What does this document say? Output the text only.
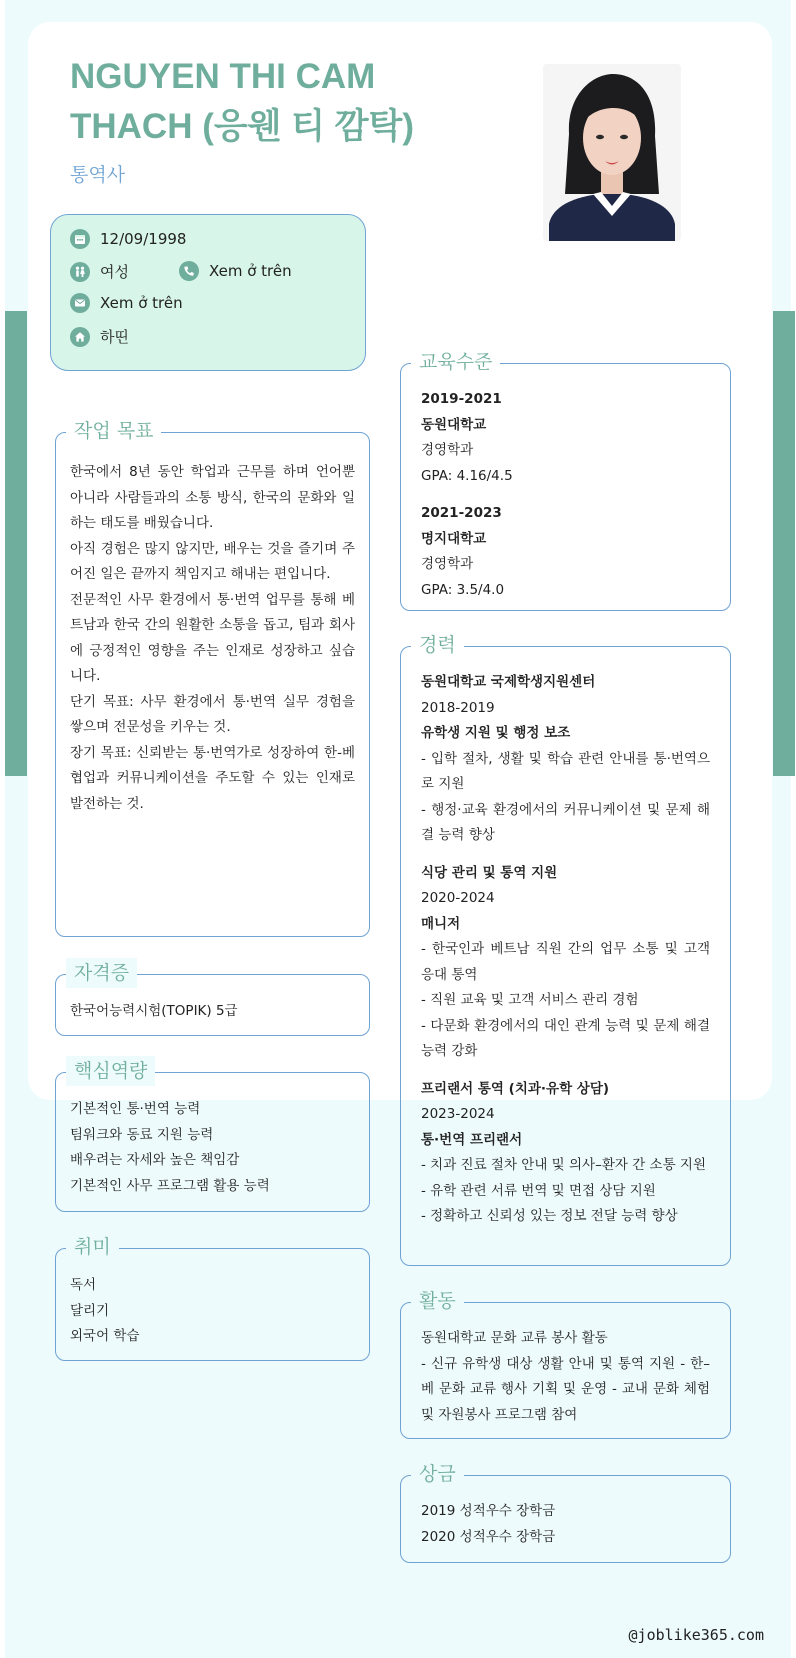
NGUYEN THI CAM THACH (응웬 티 깜탁)
통역사
12/09/1998
여성	Xem ở trên
Xem ở trên
하띤
작업 목표

한국에서 8년 동안 학업과 근무를 하며 언어뿐 아니라 사람들과의 소통 방식, 한국의 문화와 일하는 태도를 배웠습니다.

아직 경험은 많지 않지만, 배우는 것을 즐기며 주어진 일은 끝까지 책임지고 해내는 편입니다.

전문적인 사무 환경에서 통·번역 업무를 통해 베트남과 한국 간의 원활한 소통을 돕고, 팀과 회사에 긍정적인 영향을 주는 인재로 성장하고 싶습니다.

단기 목표: 사무 환경에서 통·번역 실무 경험을 쌓으며 전문성을 키우는 것.

장기 목표: 신뢰받는 통·번역가로 성장하여 한-베 협업과 커뮤니케이션을 주도할 수 있는 인재로 발전하는 것.

자격증

한국어능력시험(TOPIK) 5급

핵심역량

기본적인 통·번역 능력

팀워크와 동료 지원 능력

배우려는 자세와 높은 책임감

기본적인 사무 프로그램 활용 능력

취미

독서

달리기

외국어 학습

교육수준

2019-2021

동원대학교

경영학과

GPA: 4.16/4.5

2021-2023

명지대학교

경영학과

GPA: 3.5/4.0

경력

동원대학교 국제학생지원센터

2018-2019

유학생 지원 및 행정 보조

- 입학 절차, 생활 및 학습 관련 안내를 통·번역으로 지원

- 행정·교육 환경에서의 커뮤니케이션 및 문제 해결 능력 향상

식당 관리 및 통역 지원

2020-2024

매니저

- 한국인과 베트남 직원 간의 업무 소통 및 고객 응대 통역

- 직원 교육 및 고객 서비스 관리 경험

- 다문화 환경에서의 대인 관계 능력 및 문제 해결 능력 강화

프리랜서 통역 (치과·유학 상담)

2023-2024

통·번역 프리랜서

- 치과 진료 절차 안내 및 의사–환자 간 소통 지원

- 유학 관련 서류 번역 및 면접 상담 지원

- 정확하고 신뢰성 있는 정보 전달 능력 향상

활동

동원대학교 문화 교류 봉사 활동

- 신규 유학생 대상 생활 안내 및 통역 지원 - 한–베 문화 교류 행사 기획 및 운영 - 교내 문화 체험 및 자원봉사 프로그램 참여

상금

2019 성적우수 장학금

2020 성적우수 장학금

@joblike365.com
